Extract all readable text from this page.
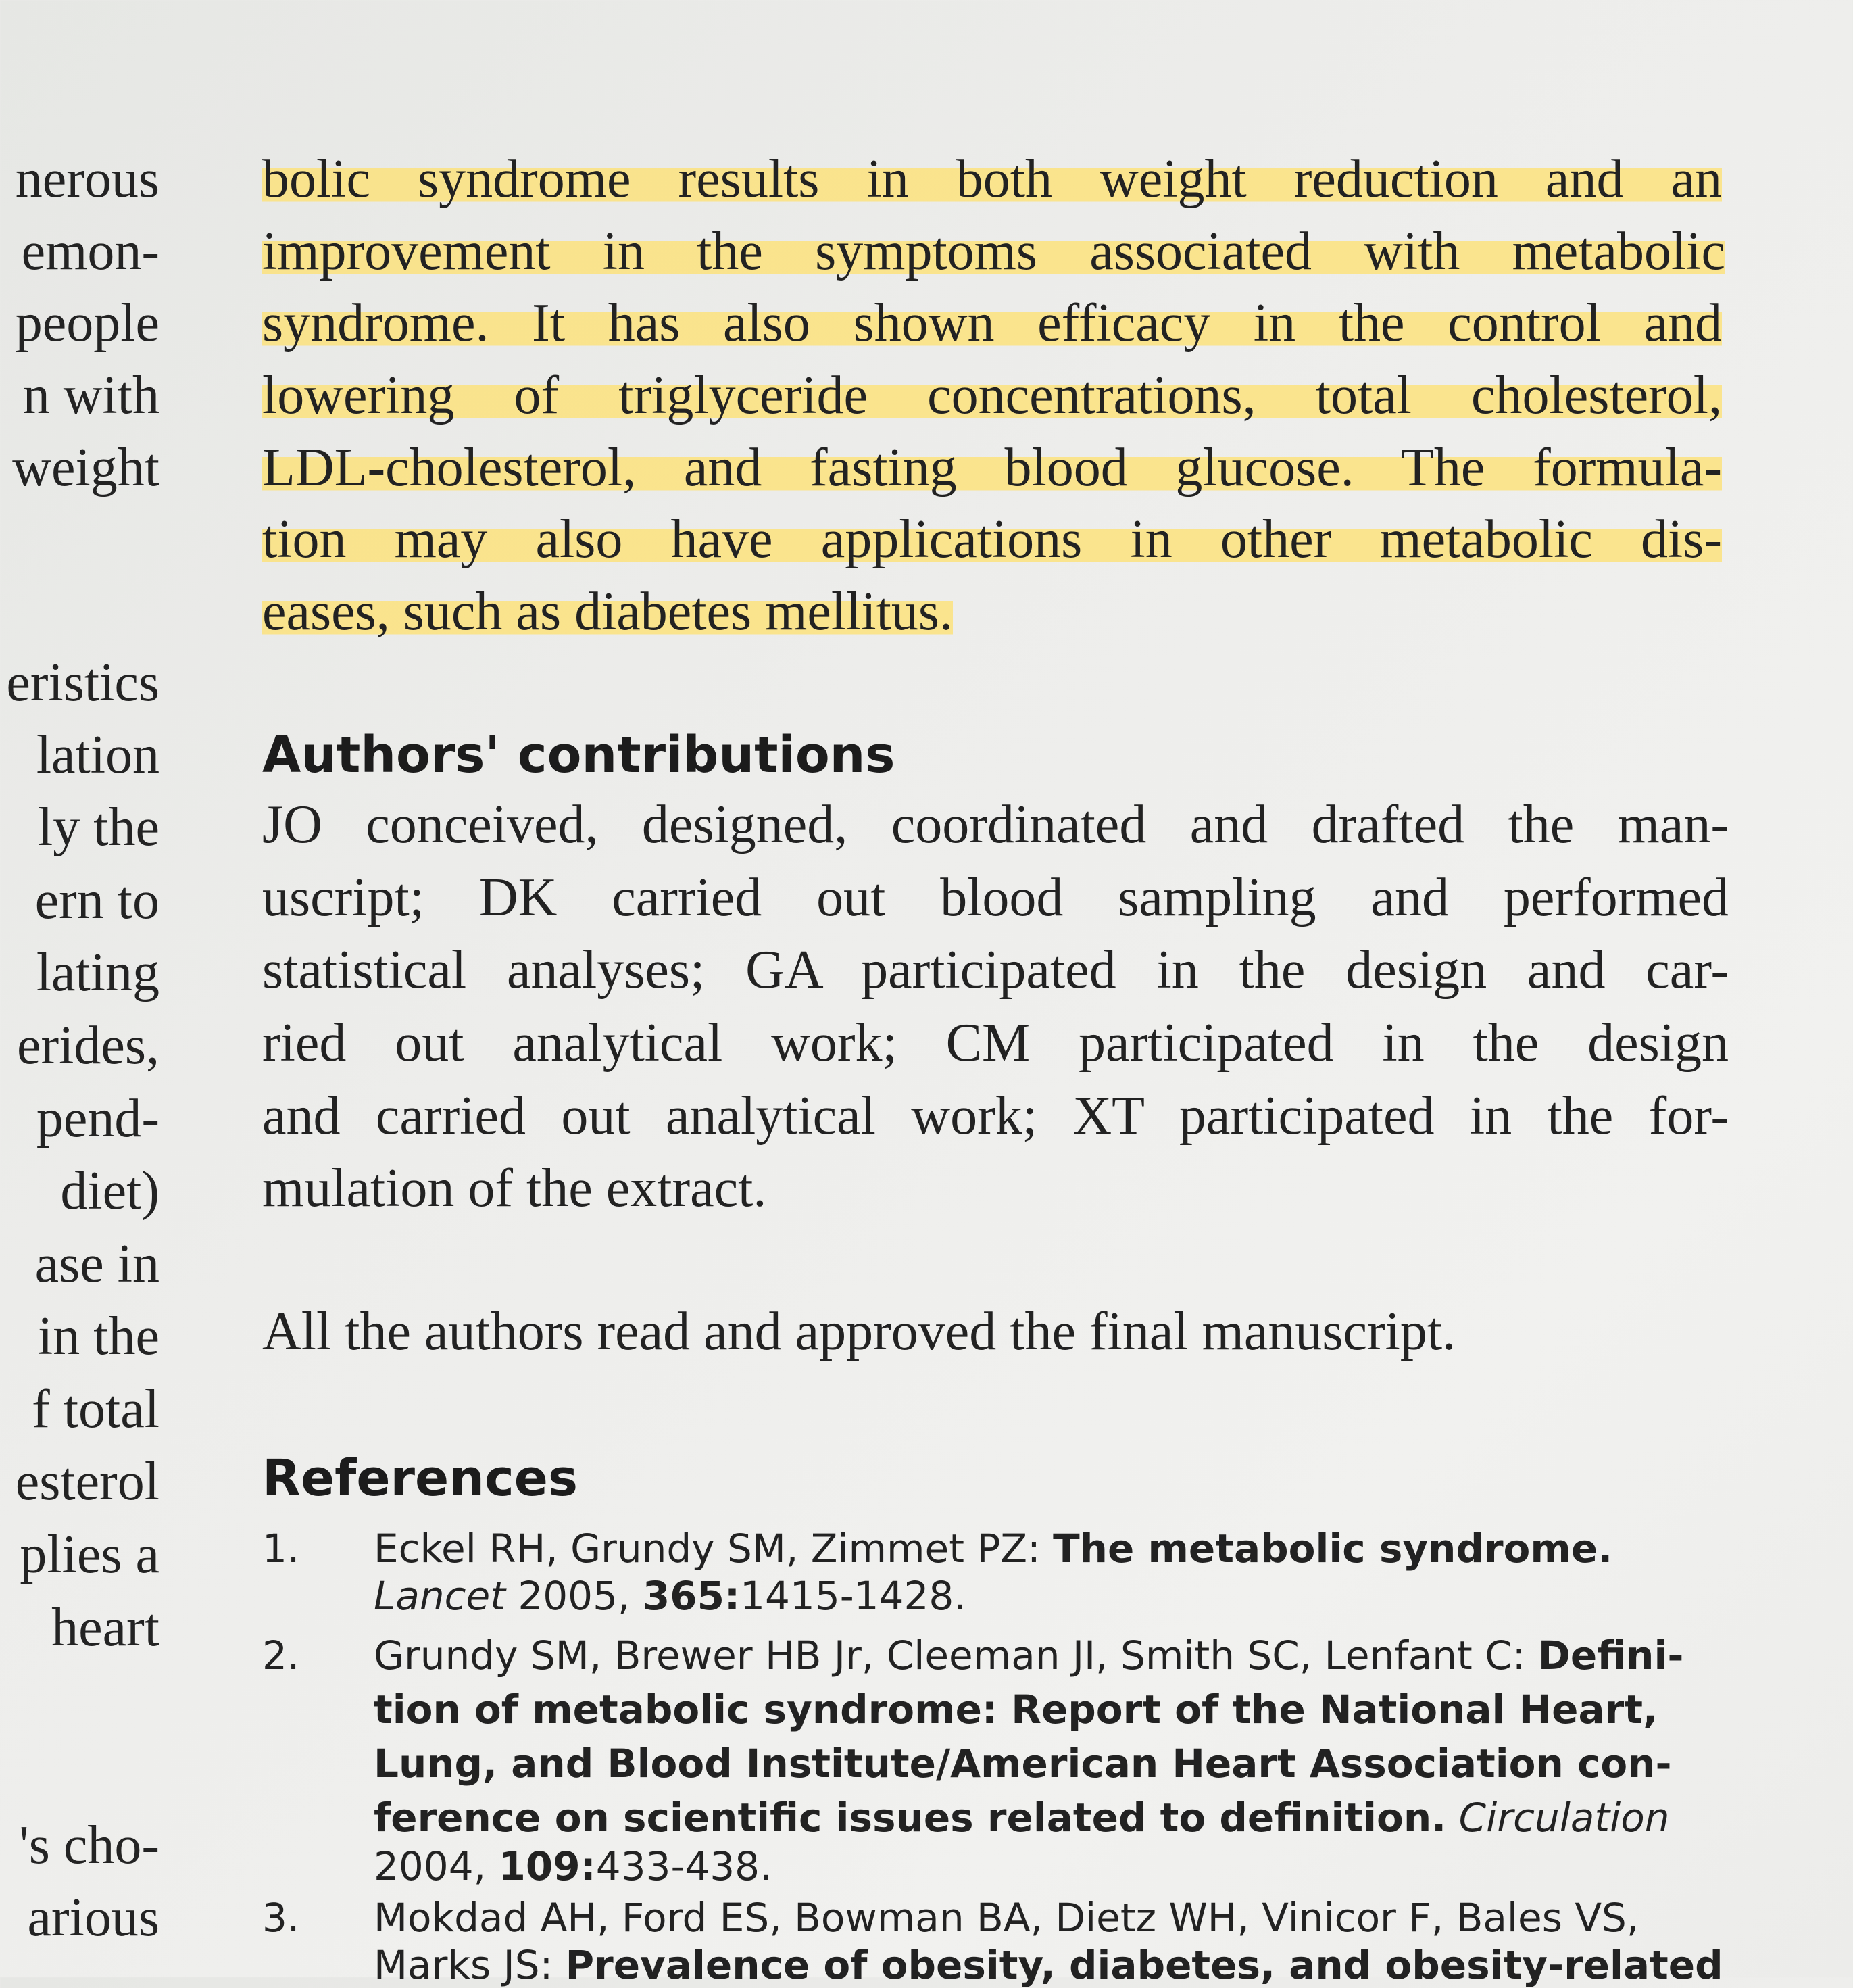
nerous
emon-
people
n with
weight
eristics
lation
ly the
ern to
lating
erides,
pend-
diet)
ase in
in the
f total
esterol
plies a
heart
's cho-
arious
bolic syndrome results in both weight reduction and an
improvement in the symptoms associated with metabolic
syndrome. It has also shown efficacy in the control and
lowering of triglyceride concentrations, total cholesterol,
LDL-cholesterol, and fasting blood glucose. The formula-
tion may also have applications in other metabolic dis-
eases, such as diabetes mellitus.
Authors' contributions
JO conceived, designed, coordinated and drafted the man-
uscript; DK carried out blood sampling and performed
statistical analyses; GA participated in the design and car-
ried out analytical work; CM participated in the design
and carried out analytical work; XT participated in the for-
mulation of the extract.
All the authors read and approved the final manuscript.
References
1. Eckel RH, Grundy SM, Zimmet PZ: The metabolic syndrome.
Lancet 2005, 365:1415-1428.
2. Grundy SM, Brewer HB Jr, Cleeman JI, Smith SC, Lenfant C: Defini-
tion of metabolic syndrome: Report of the National Heart,
Lung, and Blood Institute/American Heart Association con-
ference on scientific issues related to definition. Circulation
2004, 109:433-438.
3. Mokdad AH, Ford ES, Bowman BA, Dietz WH, Vinicor F, Bales VS,
Marks JS: Prevalence of obesity, diabetes, and obesity-related
